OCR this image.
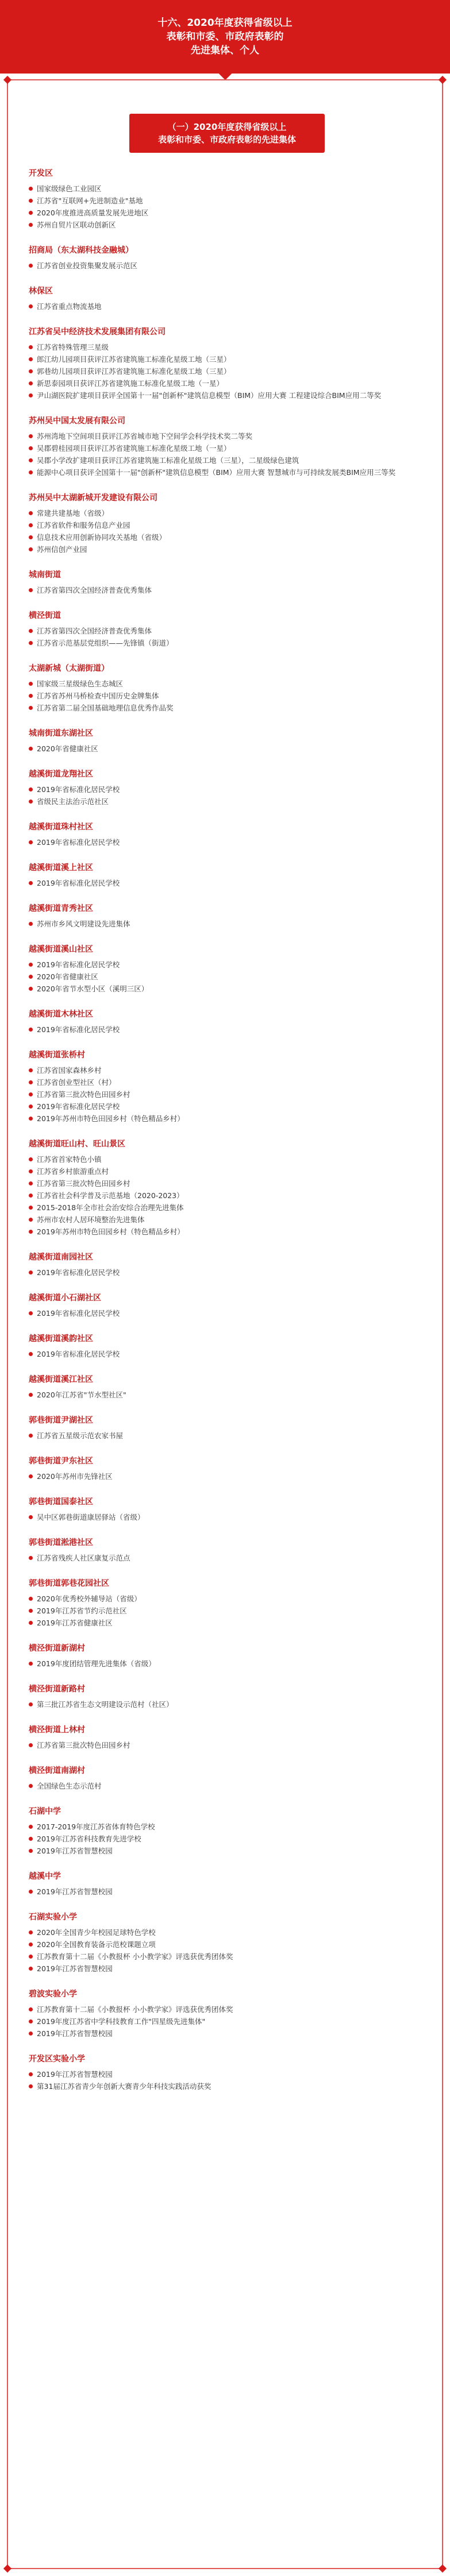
十六、2020年度获得省级以上
表彰和市委、市政府表彰的
先进集体、个人
（一）2020年度获得省级以上
表彰和市委、市政府表彰的先进集体
开发区
国家级绿色工业园区
江苏省"互联网+先进制造业"基地
2020年度推进高质量发展先进地区
苏州自贸片区联动创新区
招商局（东太湖科技金融城）
江苏省创业投资集聚发展示范区
林保区
江苏省重点物流基地
江苏省吴中经济技术发展集团有限公司
江苏省特殊管理三星级
郎江幼儿园项目获评江苏省建筑施工标准化星级工地（三星）
郭巷幼儿园项目获评江苏省建筑施工标准化星级工地（三星）
新思泰园项目获评江苏省建筑施工标准化星级工地（一星）
尹山湖医院扩建项目获评全国第十一届"创新杯"建筑信息模型（BIM）应用大赛 工程建设综合BIM应用二等奖
苏州吴中国太发展有限公司
苏州湾地下空间项目获评江苏省城市地下空间学会科学技术奖二等奖
吴郡碧桂园项目获评江苏省建筑施工标准化星级工地（一星）
吴郡小学改扩建项目获评江苏省建筑施工标准化星级工地（三星），二星级绿色建筑
能源中心项目获评全国第十一届"创新杯"建筑信息模型（BIM）应用大赛 智慧城市与可持续发展类BIM应用三等奖
苏州吴中太湖新城开发建设有限公司
常建共建基地（省级）
江苏省软件和服务信息产业园
信息技术应用创新协同攻关基地（省级）
苏州信创产业园
城南街道
江苏省第四次全国经济普查优秀集体
横泾街道
江苏省第四次全国经济普查优秀集体
江苏省示范基层党组织——先锋镇（街道）
太湖新城（太湖街道）
国家级三星级绿色生态城区
江苏省苏州马桥检查中国历史金牌集体
江苏省第二届全国基础地理信息优秀作品奖
城南街道东湖社区
2020年省健康社区
越溪街道龙翔社区
2019年省标准化居民学校
省级民主法治示范社区
越溪街道珠村社区
2019年省标准化居民学校
越溪街道溪上社区
2019年省标准化居民学校
越溪街道青秀社区
苏州市乡风文明建设先进集体
越溪街道溪山社区
2019年省标准化居民学校
2020年省健康社区
2020年省节水型小区（溪明三区）
越溪街道木林社区
2019年省标准化居民学校
越溪街道张桥村
江苏省国家森林乡村
江苏省创业型社区（村）
江苏省第三批次特色田园乡村
2019年省标准化居民学校
2019年苏州市特色田园乡村（特色精品乡村）
越溪街道旺山村、旺山景区
江苏省首家特色小镇
江苏省乡村旅游重点村
江苏省第三批次特色田园乡村
江苏省社会科学普及示范基地（2020-2023）
2015-2018年全市社会治安综合治理先进集体
苏州市农村人居环境整治先进集体
2019年苏州市特色田园乡村（特色精品乡村）
越溪街道南园社区
2019年省标准化居民学校
越溪街道小石湖社区
2019年省标准化居民学校
越溪街道溪韵社区
2019年省标准化居民学校
越溪街道溪江社区
2020年江苏省"节水型社区"
郭巷街道尹湖社区
江苏省五星级示范农家书屋
郭巷街道尹东社区
2020年苏州市先锋社区
郭巷街道国泰社区
吴中区郭巷街道康居驿站（省级）
郭巷街道淞港社区
江苏省残疾人社区康复示范点
郭巷街道郭巷花园社区
2020年优秀校外辅导站（省级）
2019年江苏省节约示范社区
2019年江苏省健康社区
横泾街道新湖村
2019年度团结管理先进集体（省级）
横泾街道新路村
第三批江苏省生态文明建设示范村（社区）
横泾街道上林村
江苏省第三批次特色田园乡村
横泾街道南湖村
全国绿色生态示范村
石湖中学
2017-2019年度江苏省体育特色学校
2019年江苏省科技教育先进学校
2019年江苏省智慧校园
越溪中学
2019年江苏省智慧校园
石湖实验小学
2020年全国青少年校园足球特色学校
2020年全国教育装备示范校课题立项
江苏教育第十二届《小教报杯 小小教学家》评选获优秀团体奖
2019年江苏省智慧校园
碧波实验小学
江苏教育第十二届《小教报杯 小小教学家》评选获优秀团体奖
2019年度江苏省中学科技教育工作"四星级先进集体"
2019年江苏省智慧校园
开发区实验小学
2019年江苏省智慧校园
第31届江苏省青少年创新大赛青少年科技实践活动获奖
